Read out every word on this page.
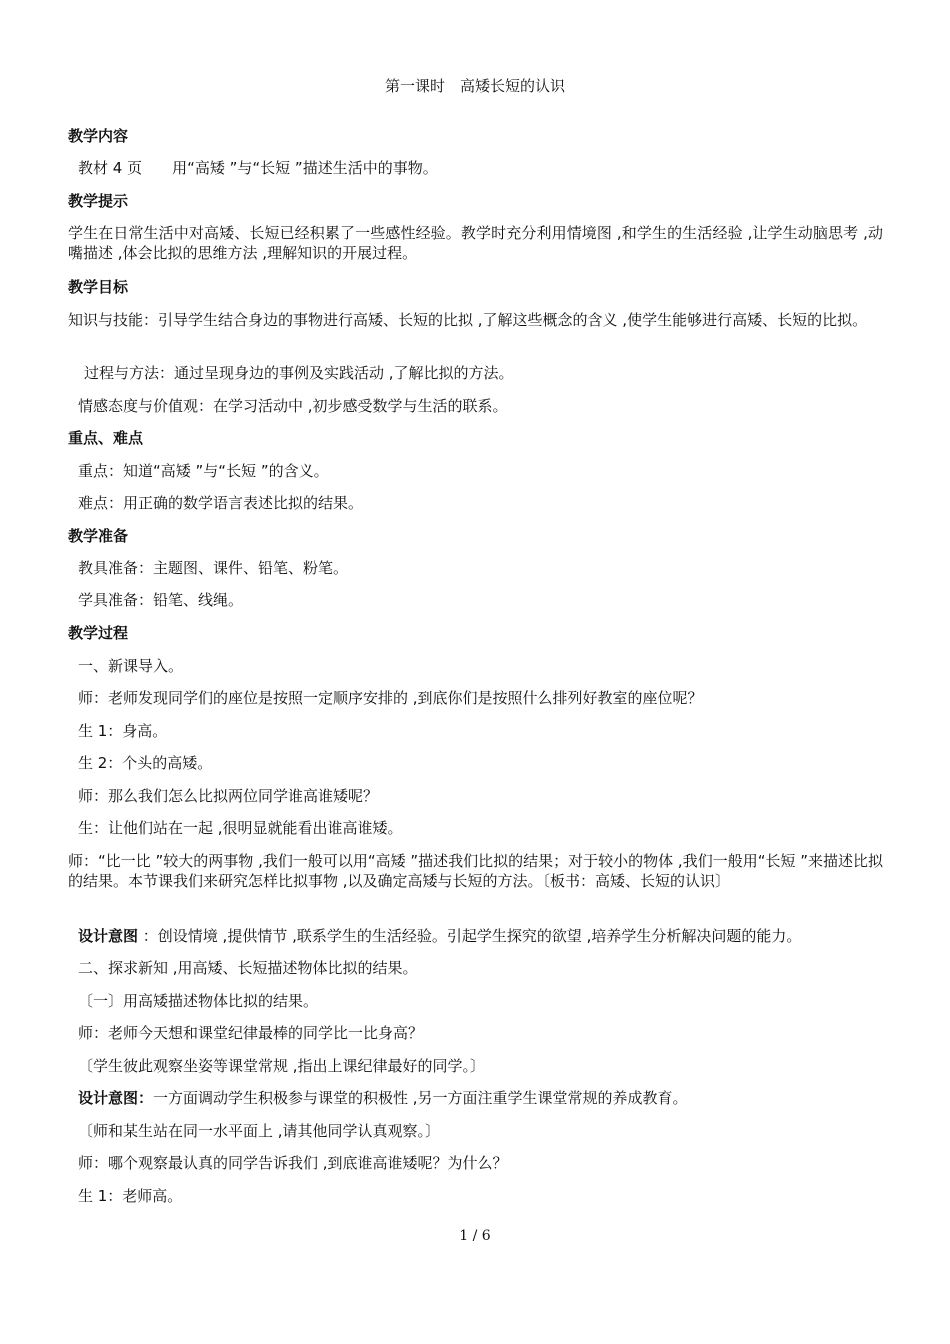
第一课时　高矮长短的认识
教学内容
教材 4 页　　用“高矮 ”与“长短 ”描述生活中的事物。
教学提示
学生在日常生活中对高矮、长短已经积累了一些感性经验。教学时充分利用情境图 ,和学生的生活经验 ,让学生动脑思考 ,动嘴描述 ,体会比拟的思维方法 ,理解知识的开展过程。
教学目标
知识与技能：引导学生结合身边的事物进行高矮、长短的比拟 ,了解这些概念的含义 ,使学生能够进行高矮、长短的比拟。
过程与方法：通过呈现身边的事例及实践活动 ,了解比拟的方法。
情感态度与价值观：在学习活动中 ,初步感受数学与生活的联系。
重点、难点
重点：知道“高矮 ”与“长短 ”的含义。
难点：用正确的数学语言表述比拟的结果。
教学准备
教具准备：主题图、课件、铅笔、粉笔。
学具准备：铅笔、线绳。
教学过程
一、新课导入。
师：老师发现同学们的座位是按照一定顺序安排的 ,到底你们是按照什么排列好教室的座位呢？
生 1：身高。
生 2：个头的高矮。
师：那么我们怎么比拟两位同学谁高谁矮呢？
生：让他们站在一起 ,很明显就能看出谁高谁矮。
师：“比一比 ”较大的两事物 ,我们一般可以用“高矮 ”描述我们比拟的结果；对于较小的物体 ,我们一般用“长短 ”来描述比拟的结果。本节课我们来研究怎样比拟事物 ,以及确定高矮与长短的方法。〔板书：高矮、长短的认识〕
设计意图 ：创设情境 ,提供情节 ,联系学生的生活经验。引起学生探究的欲望 ,培养学生分析解决问题的能力。
二、探求新知 ,用高矮、长短描述物体比拟的结果。
〔一〕用高矮描述物体比拟的结果。
师：老师今天想和课堂纪律最棒的同学比一比身高？
〔学生彼此观察坐姿等课堂常规 ,指出上课纪律最好的同学。〕
设计意图：一方面调动学生积极参与课堂的积极性 ,另一方面注重学生课堂常规的养成教育。
〔师和某生站在同一水平面上 ,请其他同学认真观察。〕
师：哪个观察最认真的同学告诉我们 ,到底谁高谁矮呢？为什么？
生 1：老师高。
1 / 6
